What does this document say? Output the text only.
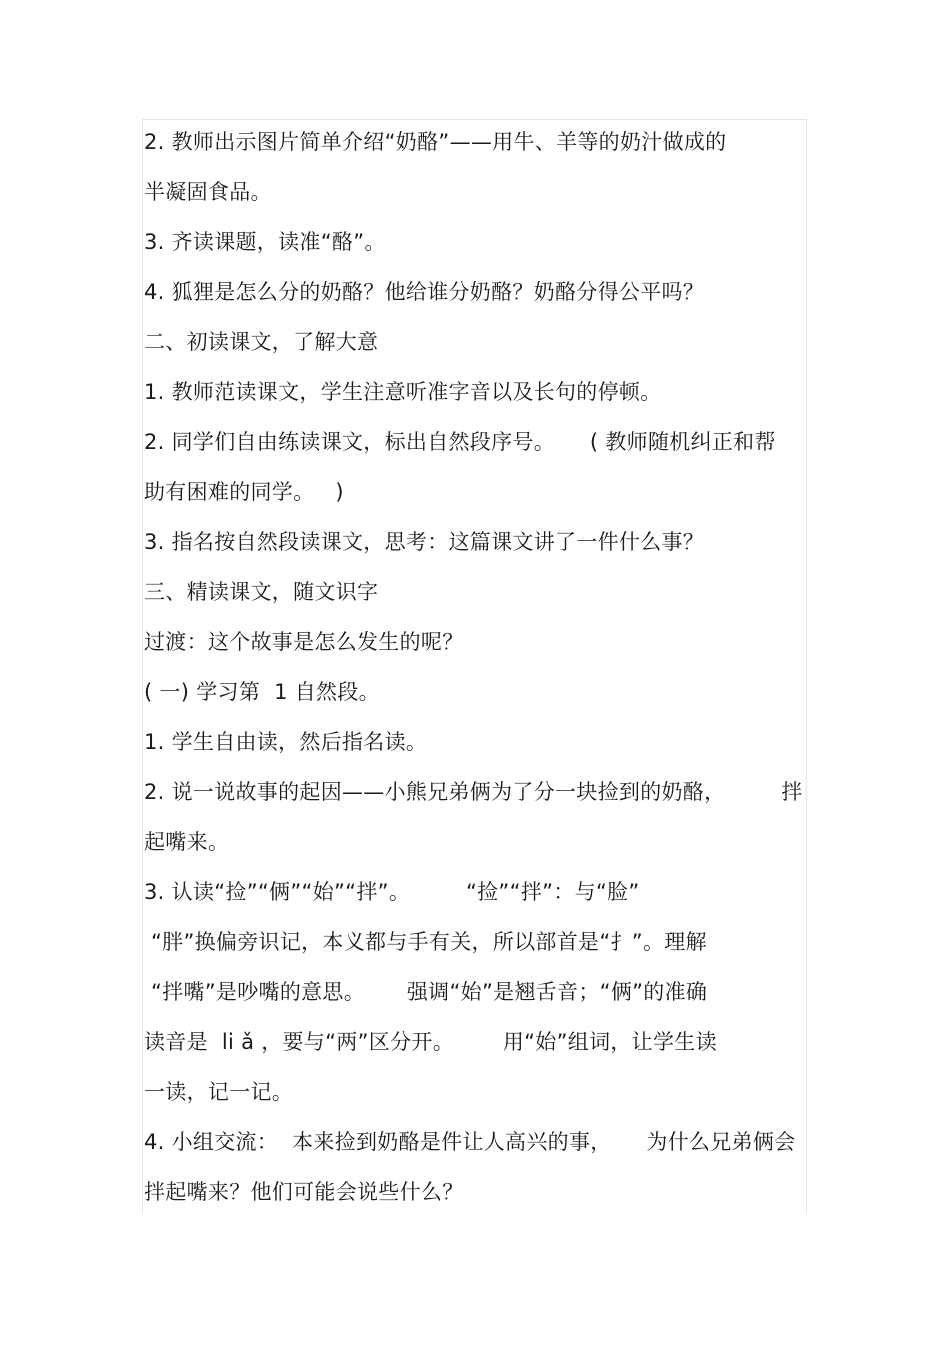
2. 教师出示图片简单介绍“奶酪”——用牛、羊等的奶汁做成的
半凝固食品。
3. 齐读课题，读准“酪”。
4. 狐狸是怎么分的奶酪？他给谁分奶酪？奶酪分得公平吗？
二、初读课文，了解大意
1. 教师范读课文，学生注意听准字音以及长句的停顿。
2. 同学们自由练读课文，标出自然段序号。     ( 教师随机纠正和帮
助有困难的同学。   )
3. 指名按自然段读课文，思考：这篇课文讲了一件什么事？
三、精读课文，随文识字
过渡：这个故事是怎么发生的呢？
( 一) 学习第  1 自然段。
1. 学生自由读，然后指名读。
2. 说一说故事的起因——小熊兄弟俩为了分一块捡到的奶酪，        拌
起嘴来。
3. 认读“捡”“俩”“始”“拌”。        “捡”“拌”：与“脸”
“胖”换偏旁识记，本义都与手有关，所以部首是“扌”。理解
“拌嘴”是吵嘴的意思。      强调“始”是翘舌音；“俩”的准确
读音是  li ǎ ，要与“两”区分开。       用“始”组词，让学生读
一读，记一记。
4. 小组交流：  本来捡到奶酪是件让人高兴的事，     为什么兄弟俩会
拌起嘴来？他们可能会说些什么？
